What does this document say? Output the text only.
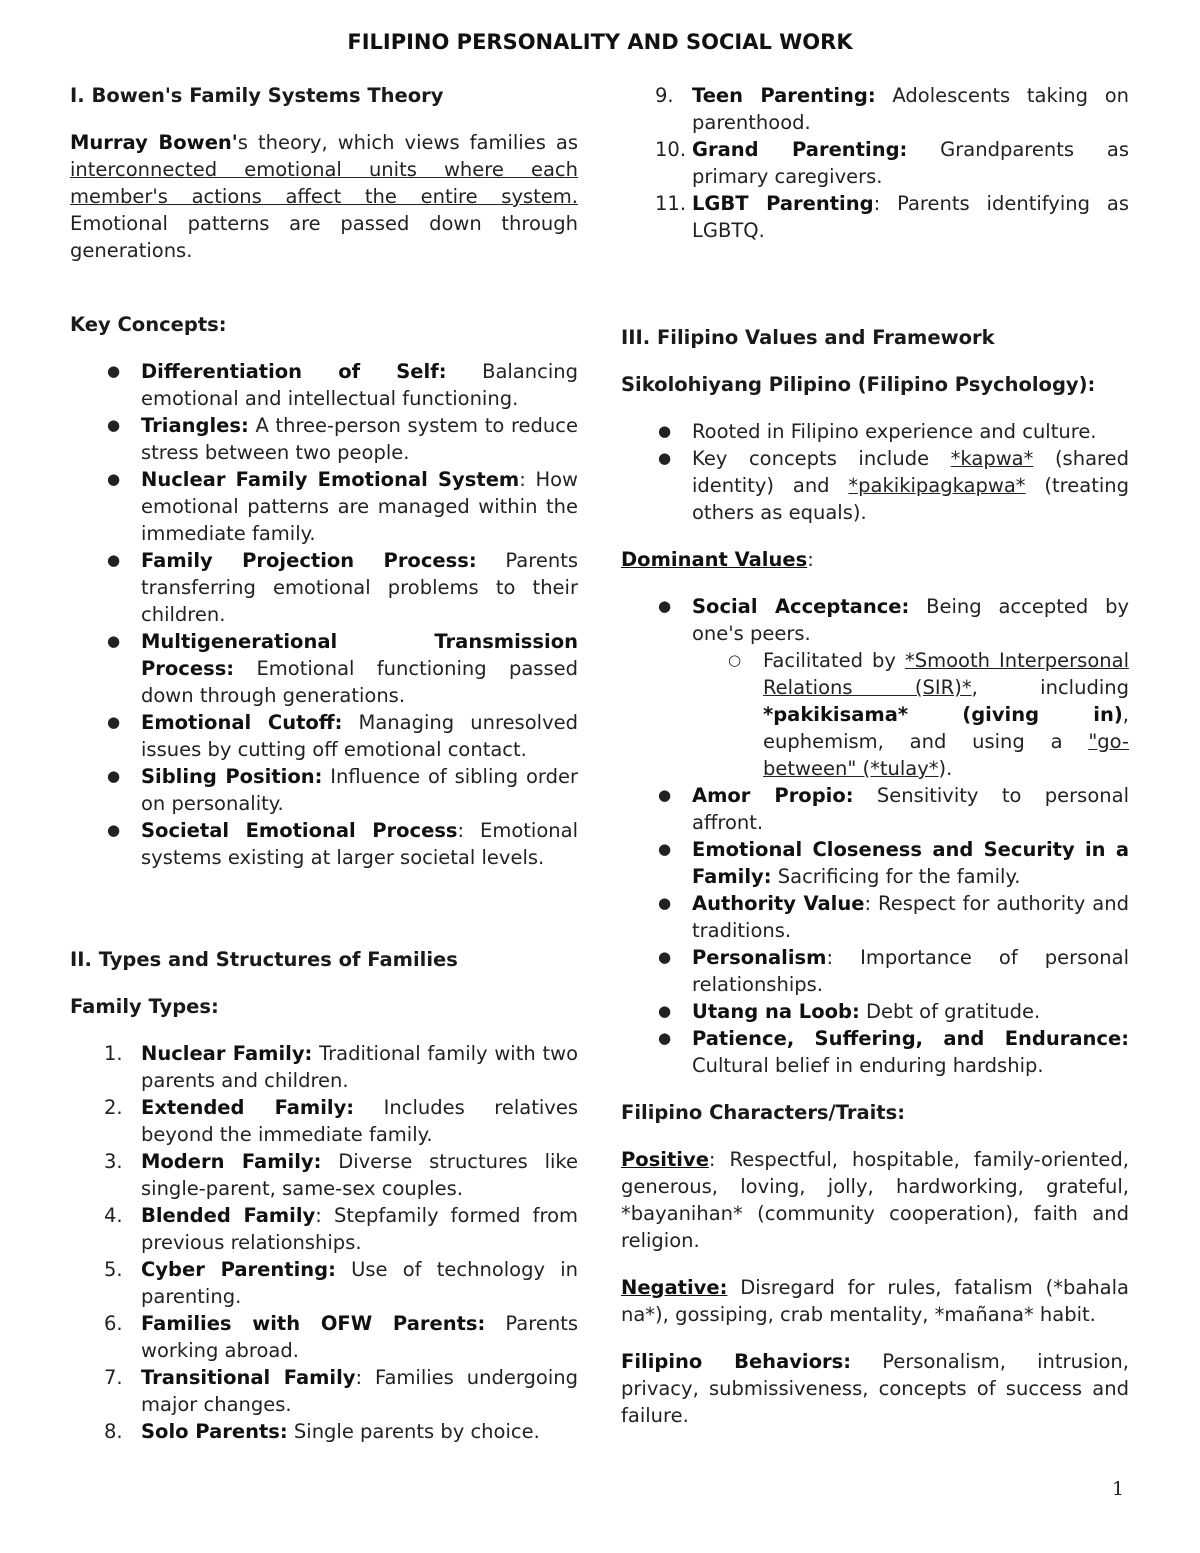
FILIPINO PERSONALITY AND SOCIAL WORK

I. Bowen's Family Systems Theory

Murray Bowen's theory, which views families as interconnected emotional units where each member's actions affect the entire system. Emotional patterns are passed down through generations.

Key Concepts:

● Differentiation of Self: Balancing emotional and intellectual functioning.
● Triangles: A three-person system to reduce stress between two people.
● Nuclear Family Emotional System: How emotional patterns are managed within the immediate family.
● Family Projection Process: Parents transferring emotional problems to their children.
● Multigenerational Transmission Process: Emotional functioning passed down through generations.
● Emotional Cutoff: Managing unresolved issues by cutting off emotional contact.
● Sibling Position: Influence of sibling order on personality.
● Societal Emotional Process: Emotional systems existing at larger societal levels.

II. Types and Structures of Families

Family Types:

1. Nuclear Family: Traditional family with two parents and children.
2. Extended Family: Includes relatives beyond the immediate family.
3. Modern Family: Diverse structures like single-parent, same-sex couples.
4. Blended Family: Stepfamily formed from previous relationships.
5. Cyber Parenting: Use of technology in parenting.
6. Families with OFW Parents: Parents working abroad.
7. Transitional Family: Families undergoing major changes.
8. Solo Parents: Single parents by choice.
9. Teen Parenting: Adolescents taking on parenthood.
10. Grand Parenting: Grandparents as primary caregivers.
11. LGBT Parenting: Parents identifying as LGBTQ.

III. Filipino Values and Framework

Sikolohiyang Pilipino (Filipino Psychology):

● Rooted in Filipino experience and culture.
● Key concepts include *kapwa* (shared identity) and *pakikipagkapwa* (treating others as equals).

Dominant Values:

● Social Acceptance: Being accepted by one's peers.
○ Facilitated by *Smooth Interpersonal Relations (SIR)*, including *pakikisama* (giving in), euphemism, and using a "go-between" (*tulay*).
● Amor Propio: Sensitivity to personal affront.
● Emotional Closeness and Security in a Family: Sacrificing for the family.
● Authority Value: Respect for authority and traditions.
● Personalism: Importance of personal relationships.
● Utang na Loob: Debt of gratitude.
● Patience, Suffering, and Endurance: Cultural belief in enduring hardship.

Filipino Characters/Traits:

Positive: Respectful, hospitable, family-oriented, generous, loving, jolly, hardworking, grateful, *bayanihan* (community cooperation), faith and religion.

Negative: Disregard for rules, fatalism (*bahala na*), gossiping, crab mentality, *mañana* habit.

Filipino Behaviors: Personalism, intrusion, privacy, submissiveness, concepts of success and failure.

1
